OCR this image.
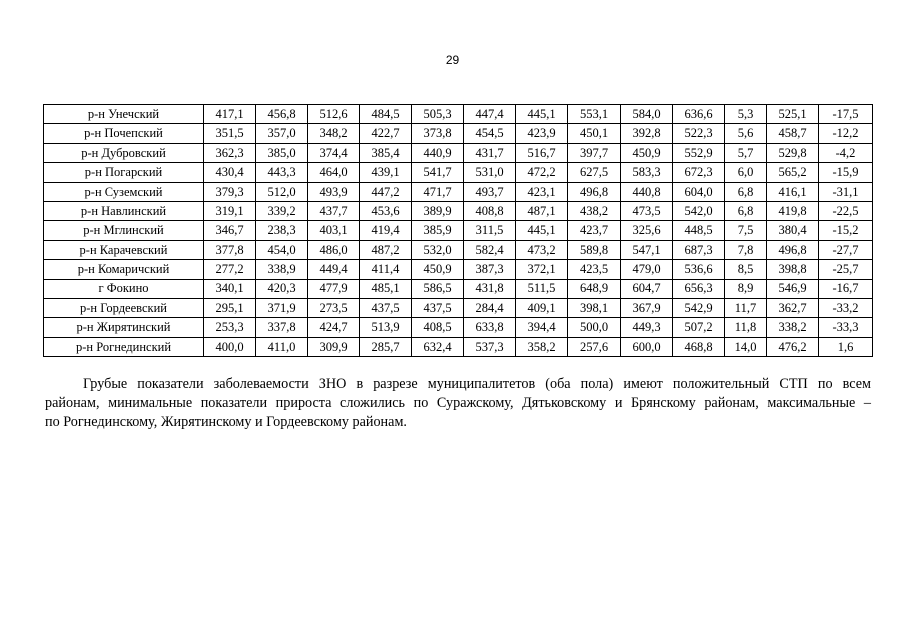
29
р-н Унечский	417,1	456,8	512,6	484,5	505,3	447,4	445,1	553,1	584,0	636,6	5,3	525,1	-17,5
р-н Почепский	351,5	357,0	348,2	422,7	373,8	454,5	423,9	450,1	392,8	522,3	5,6	458,7	-12,2
р-н Дубровский	362,3	385,0	374,4	385,4	440,9	431,7	516,7	397,7	450,9	552,9	5,7	529,8	-4,2
р-н Погарский	430,4	443,3	464,0	439,1	541,7	531,0	472,2	627,5	583,3	672,3	6,0	565,2	-15,9
р-н Суземский	379,3	512,0	493,9	447,2	471,7	493,7	423,1	496,8	440,8	604,0	6,8	416,1	-31,1
р-н Навлинский	319,1	339,2	437,7	453,6	389,9	408,8	487,1	438,2	473,5	542,0	6,8	419,8	-22,5
р-н Мглинский	346,7	238,3	403,1	419,4	385,9	311,5	445,1	423,7	325,6	448,5	7,5	380,4	-15,2
р-н Карачевский	377,8	454,0	486,0	487,2	532,0	582,4	473,2	589,8	547,1	687,3	7,8	496,8	-27,7
р-н Комаричский	277,2	338,9	449,4	411,4	450,9	387,3	372,1	423,5	479,0	536,6	8,5	398,8	-25,7
г Фокино	340,1	420,3	477,9	485,1	586,5	431,8	511,5	648,9	604,7	656,3	8,9	546,9	-16,7
р-н Гордеевский	295,1	371,9	273,5	437,5	437,5	284,4	409,1	398,1	367,9	542,9	11,7	362,7	-33,2
р-н Жирятинский	253,3	337,8	424,7	513,9	408,5	633,8	394,4	500,0	449,3	507,2	11,8	338,2	-33,3
р-н Рогнединский	400,0	411,0	309,9	285,7	632,4	537,3	358,2	257,6	600,0	468,8	14,0	476,2	1,6
Грубые показатели заболеваемости ЗНО в разрезе муниципалитетов (оба пола) имеют положительный СТП по всем
районам, минимальные показатели прироста сложились по Суражскому, Дятьковскому и Брянскому районам, максимальные –
по Рогнединскому, Жирятинскому и Гордеевскому районам.
